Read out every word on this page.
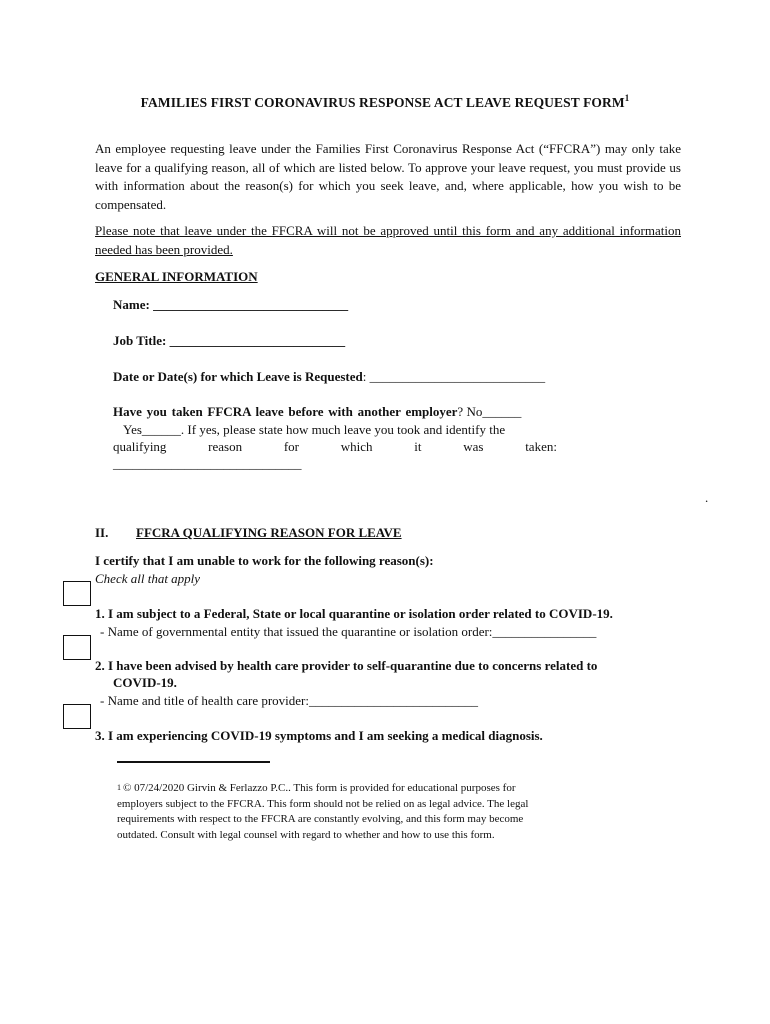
FAMILIES FIRST CORONAVIRUS RESPONSE ACT LEAVE REQUEST FORM$^1$
An employee requesting leave under the Families First Coronavirus Response Act (“FFCRA”) may only take leave for a qualifying reason, all of which are listed below. To approve your leave request, you must provide us with information about the reason(s) for which you seek leave, and, where applicable, how you wish to be compensated.
Please note that leave under the FFCRA will not be approved until this form and any additional information needed has been provided.
GENERAL INFORMATION
Name: ______________________________
Job Title: ___________________________
Date or Date(s) for which Leave is Requested: ___________________________
Have you taken FFCRA leave before with another employer? No______
Yes______. If yes, please state how much leave you took and identify the
qualifying	reason	for	which	it	was	taken:
_____________________________
.
II. FFCRA QUALIFYING REASON FOR LEAVE
I certify that I am unable to work for the following reason(s):
Check all that apply
1. I am subject to a Federal, State or local quarantine or isolation order related to COVID-19.
- Name of governmental entity that issued the quarantine or isolation order:________________
2. I have been advised by health care provider to self-quarantine due to concerns related to
COVID-19.
- Name and title of health care provider:__________________________
3. I am experiencing COVID-19 symptoms and I am seeking a medical diagnosis.
1 © 07/24/2020 Girvin & Ferlazzo P.C.. This form is provided for educational purposes for
employers subject to the FFCRA. This form should not be relied on as legal advice. The legal
requirements with respect to the FFCRA are constantly evolving, and this form may become
outdated. Consult with legal counsel with regard to whether and how to use this form.
